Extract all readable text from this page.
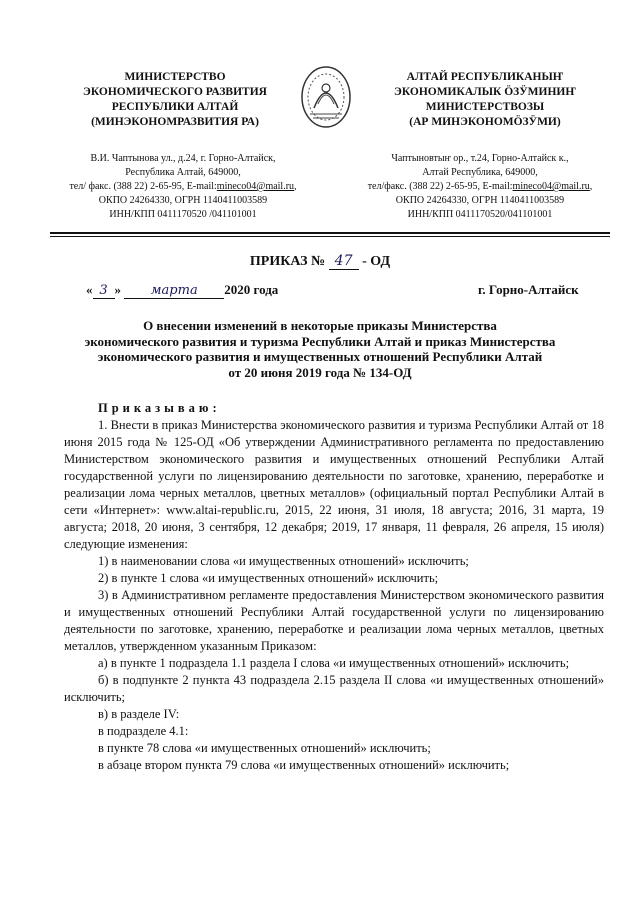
МИНИСТЕРСТВО
ЭКОНОМИЧЕСКОГО РАЗВИТИЯ
РЕСПУБЛИКИ АЛТАЙ
(МИНЭКОНОМРАЗВИТИЯ РА)
АЛТАЙ РЕСПУБЛИКАНЫҤ
ЭКОНОМИКАЛЫК ÖЗӰМИНИҤ
МИНИСТЕРСТВОЗЫ
(АР МИНЭКОНОМÖЗӰМИ)
В.И. Чаптынова ул., д.24, г. Горно-Алтайск,
Республика Алтай, 649000,
тел/ факс. (388 22) 2-65-95, E-mail:mineco04@mail.ru,
ОКПО 24264330, ОГРН 1140411003589
ИНН/КПП 0411170520 /041101001
Чаптыновтыҥ ор., т.24, Горно-Алтайск к.,
Алтай Республика, 649000,
тел/факс. (388 22) 2-65-95, E-mail:mineco04@mail.ru,
ОКПО 24264330, ОГРН 1140411003589
ИНН/КПП 0411170520/041101001
ПРИКАЗ № 47 - ОД
« 3 » марта 2020 года	г. Горно-Алтайск
О внесении изменений в некоторые приказы Министерства
экономического развития и туризма Республики Алтай и приказ Министерства
экономического развития и имущественных отношений Республики Алтай
от 20 июня 2019 года № 134-ОД

Приказываю:

1. Внести в приказ Министерства экономического развития и туризма Республики Алтай от 18 июня 2015 года № 125-ОД «Об утверждении Административного регламента по предоставлению Министерством экономического развития и имущественных отношений Республики Алтай государственной услуги по лицензированию деятельности по заготовке, хранению, переработке и реализации лома черных металлов, цветных металлов» (официальный портал Республики Алтай в сети «Интернет»: www.altai-republic.ru, 2015, 22 июня, 31 июля, 18 августа; 2016, 31 марта, 19 августа; 2018, 20 июня, 3 сентября, 12 декабря; 2019, 17 января, 11 февраля, 26 апреля, 15 июля) следующие изменения:

1) в наименовании слова «и имущественных отношений» исключить;

2) в пункте 1 слова «и имущественных отношений» исключить;

3) в Административном регламенте предоставления Министерством экономического развития и имущественных отношений Республики Алтай государственной услуги по лицензированию деятельности по заготовке, хранению, переработке и реализации лома черных металлов, цветных металлов, утвержденном указанным Приказом:

а) в пункте 1 подраздела 1.1 раздела I слова «и имущественных отношений» исключить;

б) в подпункте 2 пункта 43 подраздела 2.15 раздела II слова «и имущественных отношений» исключить;

в) в разделе IV:

в подразделе 4.1:

в пункте 78 слова «и имущественных отношений» исключить;

в абзаце втором пункта 79 слова «и имущественных отношений» исключить;
